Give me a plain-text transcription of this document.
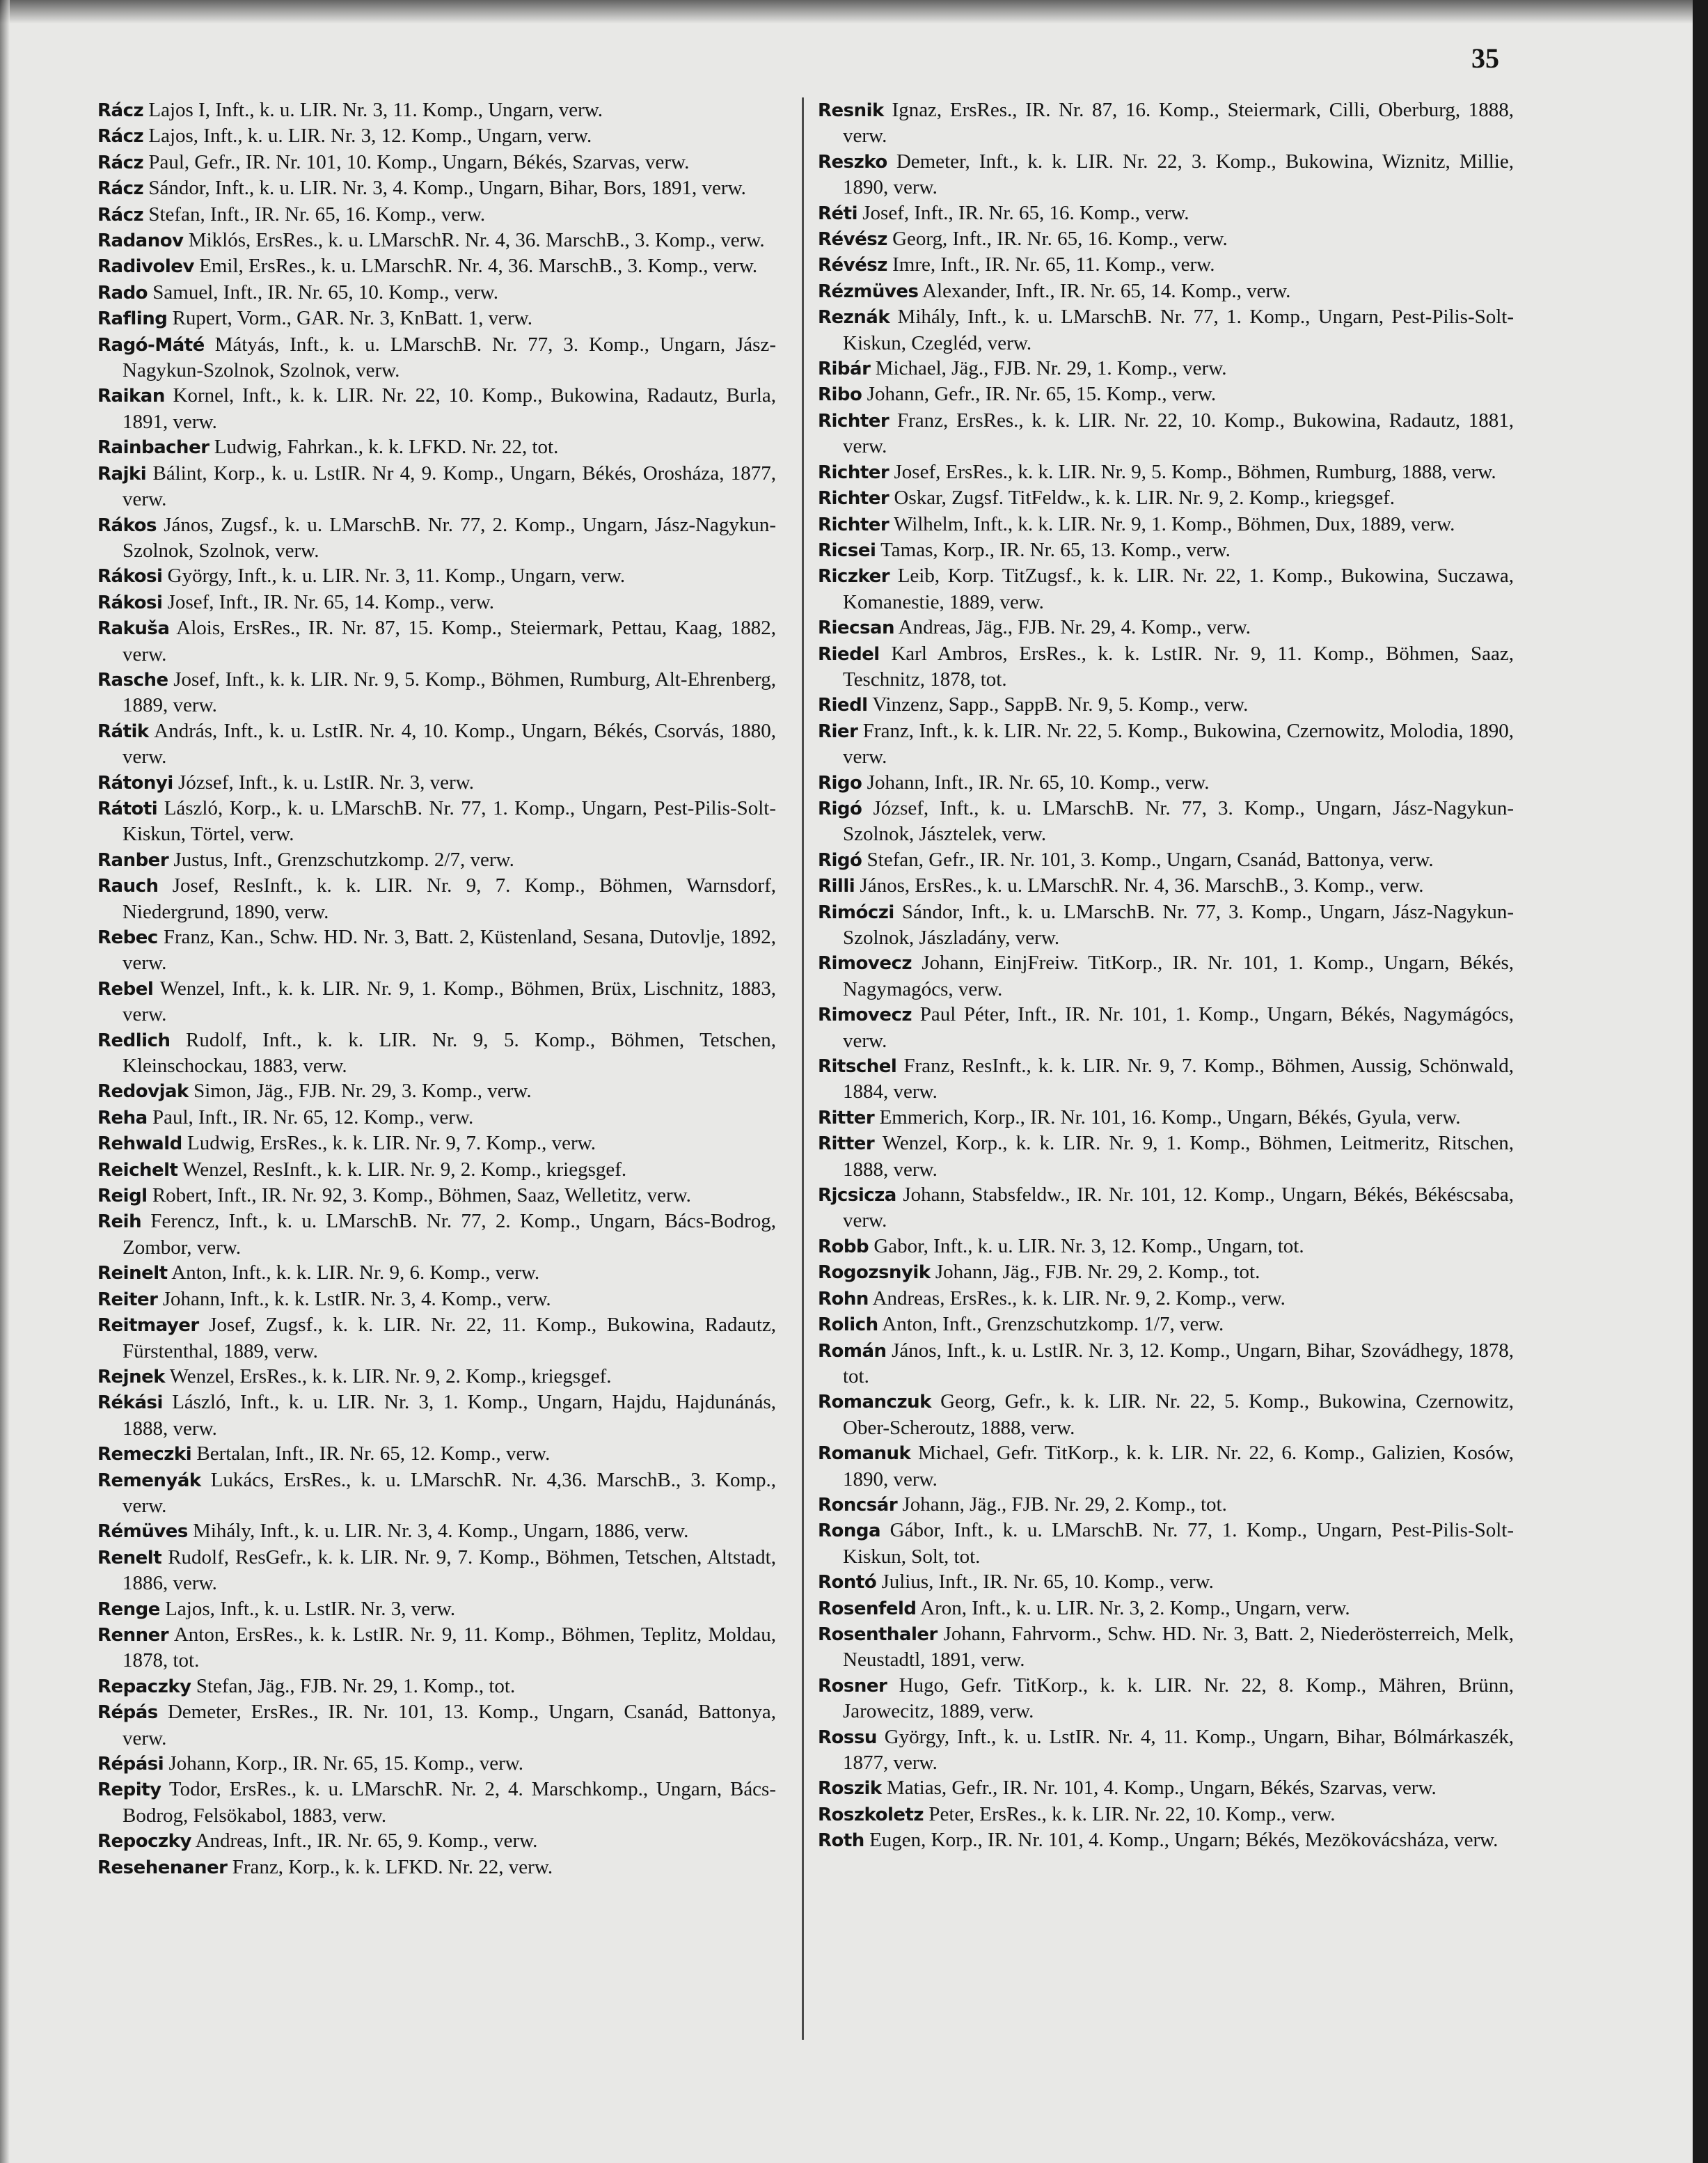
35

Rácz Lajos I, Inft., k. u. LIR. Nr. 3, 11. Komp., Ungarn, verw.

Rácz Lajos, Inft., k. u. LIR. Nr. 3, 12. Komp., Ungarn, verw.

Rácz Paul, Gefr., IR. Nr. 101, 10. Komp., Ungarn, Békés, Szarvas, verw.

Rácz Sándor, Inft., k. u. LIR. Nr. 3, 4. Komp., Ungarn, Bihar, Bors, 1891, verw.

Rácz Stefan, Inft., IR. Nr. 65, 16. Komp., verw.

Radanov Miklós, ErsRes., k. u. LMarschR. Nr. 4, 36. MarschB., 3. Komp., verw.

Radivolev Emil, ErsRes., k. u. LMarschR. Nr. 4, 36. MarschB., 3. Komp., verw.

Rado Samuel, Inft., IR. Nr. 65, 10. Komp., verw.

Rafling Rupert, Vorm., GAR. Nr. 3, KnBatt. 1, verw.

Ragó-Máté Mátyás, Inft., k. u. LMarschB. Nr. 77, 3. Komp., Ungarn, Jász-Nagykun-Szolnok, Szolnok, verw.

Raikan Kornel, Inft., k. k. LIR. Nr. 22, 10. Komp., Bukowina, Radautz, Burla, 1891, verw.

Rainbacher Ludwig, Fahrkan., k. k. LFKD. Nr. 22, tot.

Rajki Bálint, Korp., k. u. LstIR. Nr 4, 9. Komp., Ungarn, Békés, Orosháza, 1877, verw.

Rákos János, Zugsf., k. u. LMarschB. Nr. 77, 2. Komp., Ungarn, Jász-Nagykun-Szolnok, Szolnok, verw.

Rákosi György, Inft., k. u. LIR. Nr. 3, 11. Komp., Ungarn, verw.

Rákosi Josef, Inft., IR. Nr. 65, 14. Komp., verw.

Rakuša Alois, ErsRes., IR. Nr. 87, 15. Komp., Steiermark, Pettau, Kaag, 1882, verw.

Rasche Josef, Inft., k. k. LIR. Nr. 9, 5. Komp., Böhmen, Rumburg, Alt-Ehrenberg, 1889, verw.

Rátik András, Inft., k. u. LstIR. Nr. 4, 10. Komp., Ungarn, Békés, Csorvás, 1880, verw.

Rátonyi József, Inft., k. u. LstIR. Nr. 3, verw.

Rátoti László, Korp., k. u. LMarschB. Nr. 77, 1. Komp., Ungarn, Pest-Pilis-Solt-Kiskun, Törtel, verw.

Ranber Justus, Inft., Grenzschutzkomp. 2/7, verw.

Rauch Josef, ResInft., k. k. LIR. Nr. 9, 7. Komp., Böhmen, Warnsdorf, Niedergrund, 1890, verw.

Rebec Franz, Kan., Schw. HD. Nr. 3, Batt. 2, Küstenland, Sesana, Dutovlje, 1892, verw.

Rebel Wenzel, Inft., k. k. LIR. Nr. 9, 1. Komp., Böhmen, Brüx, Lischnitz, 1883, verw.

Redlich Rudolf, Inft., k. k. LIR. Nr. 9, 5. Komp., Böhmen, Tetschen, Kleinschockau, 1883, verw.

Redovjak Simon, Jäg., FJB. Nr. 29, 3. Komp., verw.

Reha Paul, Inft., IR. Nr. 65, 12. Komp., verw.

Rehwald Ludwig, ErsRes., k. k. LIR. Nr. 9, 7. Komp., verw.

Reichelt Wenzel, ResInft., k. k. LIR. Nr. 9, 2. Komp., kriegsgef.

Reigl Robert, Inft., IR. Nr. 92, 3. Komp., Böhmen, Saaz, Welletitz, verw.

Reih Ferencz, Inft., k. u. LMarschB. Nr. 77, 2. Komp., Ungarn, Bács-Bodrog, Zombor, verw.

Reinelt Anton, Inft., k. k. LIR. Nr. 9, 6. Komp., verw.

Reiter Johann, Inft., k. k. LstIR. Nr. 3, 4. Komp., verw.

Reitmayer Josef, Zugsf., k. k. LIR. Nr. 22, 11. Komp., Bukowina, Radautz, Fürstenthal, 1889, verw.

Rejnek Wenzel, ErsRes., k. k. LIR. Nr. 9, 2. Komp., kriegsgef.

Rékási László, Inft., k. u. LIR. Nr. 3, 1. Komp., Ungarn, Hajdu, Hajdunánás, 1888, verw.

Remeczki Bertalan, Inft., IR. Nr. 65, 12. Komp., verw.

Remenyák Lukács, ErsRes., k. u. LMarschR. Nr. 4,36. MarschB., 3. Komp., verw.

Rémüves Mihály, Inft., k. u. LIR. Nr. 3, 4. Komp., Ungarn, 1886, verw.

Renelt Rudolf, ResGefr., k. k. LIR. Nr. 9, 7. Komp., Böhmen, Tetschen, Altstadt, 1886, verw.

Renge Lajos, Inft., k. u. LstIR. Nr. 3, verw.

Renner Anton, ErsRes., k. k. LstIR. Nr. 9, 11. Komp., Böhmen, Teplitz, Moldau, 1878, tot.

Repaczky Stefan, Jäg., FJB. Nr. 29, 1. Komp., tot.

Répás Demeter, ErsRes., IR. Nr. 101, 13. Komp., Ungarn, Csanád, Battonya, verw.

Répási Johann, Korp., IR. Nr. 65, 15. Komp., verw.

Repity Todor, ErsRes., k. u. LMarschR. Nr. 2, 4. Marschkomp., Ungarn, Bács-Bodrog, Felsökabol, 1883, verw.

Repoczky Andreas, Inft., IR. Nr. 65, 9. Komp., verw.

Resehenaner Franz, Korp., k. k. LFKD. Nr. 22, verw.

Resnik Ignaz, ErsRes., IR. Nr. 87, 16. Komp., Steiermark, Cilli, Oberburg, 1888, verw.

Reszko Demeter, Inft., k. k. LIR. Nr. 22, 3. Komp., Bukowina, Wiznitz, Millie, 1890, verw.

Réti Josef, Inft., IR. Nr. 65, 16. Komp., verw.

Révész Georg, Inft., IR. Nr. 65, 16. Komp., verw.

Révész Imre, Inft., IR. Nr. 65, 11. Komp., verw.

Rézmüves Alexander, Inft., IR. Nr. 65, 14. Komp., verw.

Reznák Mihály, Inft., k. u. LMarschB. Nr. 77, 1. Komp., Ungarn, Pest-Pilis-Solt-Kiskun, Czegléd, verw.

Ribár Michael, Jäg., FJB. Nr. 29, 1. Komp., verw.

Ribo Johann, Gefr., IR. Nr. 65, 15. Komp., verw.

Richter Franz, ErsRes., k. k. LIR. Nr. 22, 10. Komp., Bukowina, Radautz, 1881, verw.

Richter Josef, ErsRes., k. k. LIR. Nr. 9, 5. Komp., Böhmen, Rumburg, 1888, verw.

Richter Oskar, Zugsf. TitFeldw., k. k. LIR. Nr. 9, 2. Komp., kriegsgef.

Richter Wilhelm, Inft., k. k. LIR. Nr. 9, 1. Komp., Böhmen, Dux, 1889, verw.

Ricsei Tamas, Korp., IR. Nr. 65, 13. Komp., verw.

Riczker Leib, Korp. TitZugsf., k. k. LIR. Nr. 22, 1. Komp., Bukowina, Suczawa, Komanestie, 1889, verw.

Riecsan Andreas, Jäg., FJB. Nr. 29, 4. Komp., verw.

Riedel Karl Ambros, ErsRes., k. k. LstIR. Nr. 9, 11. Komp., Böhmen, Saaz, Teschnitz, 1878, tot.

Riedl Vinzenz, Sapp., SappB. Nr. 9, 5. Komp., verw.

Rier Franz, Inft., k. k. LIR. Nr. 22, 5. Komp., Bukowina, Czernowitz, Molodia, 1890, verw.

Rigo Johann, Inft., IR. Nr. 65, 10. Komp., verw.

Rigó József, Inft., k. u. LMarschB. Nr. 77, 3. Komp., Ungarn, Jász-Nagykun-Szolnok, Jásztelek, verw.

Rigó Stefan, Gefr., IR. Nr. 101, 3. Komp., Ungarn, Csanád, Battonya, verw.

Rilli János, ErsRes., k. u. LMarschR. Nr. 4, 36. MarschB., 3. Komp., verw.

Rimóczi Sándor, Inft., k. u. LMarschB. Nr. 77, 3. Komp., Ungarn, Jász-Nagykun-Szolnok, Jászladány, verw.

Rimovecz Johann, EinjFreiw. TitKorp., IR. Nr. 101, 1. Komp., Ungarn, Békés, Nagymagócs, verw.

Rimovecz Paul Péter, Inft., IR. Nr. 101, 1. Komp., Ungarn, Békés, Nagymágócs, verw.

Ritschel Franz, ResInft., k. k. LIR. Nr. 9, 7. Komp., Böhmen, Aussig, Schönwald, 1884, verw.

Ritter Emmerich, Korp., IR. Nr. 101, 16. Komp., Ungarn, Békés, Gyula, verw.

Ritter Wenzel, Korp., k. k. LIR. Nr. 9, 1. Komp., Böhmen, Leitmeritz, Ritschen, 1888, verw.

Rjcsicza Johann, Stabsfeldw., IR. Nr. 101, 12. Komp., Ungarn, Békés, Békéscsaba, verw.

Robb Gabor, Inft., k. u. LIR. Nr. 3, 12. Komp., Ungarn, tot.

Rogozsnyik Johann, Jäg., FJB. Nr. 29, 2. Komp., tot.

Rohn Andreas, ErsRes., k. k. LIR. Nr. 9, 2. Komp., verw.

Rolich Anton, Inft., Grenzschutzkomp. 1/7, verw.

Román János, Inft., k. u. LstIR. Nr. 3, 12. Komp., Ungarn, Bihar, Szovádhegy, 1878, tot.

Romanczuk Georg, Gefr., k. k. LIR. Nr. 22, 5. Komp., Bukowina, Czernowitz, Ober-Scheroutz, 1888, verw.

Romanuk Michael, Gefr. TitKorp., k. k. LIR. Nr. 22, 6. Komp., Galizien, Kosów, 1890, verw.

Roncsár Johann, Jäg., FJB. Nr. 29, 2. Komp., tot.

Ronga Gábor, Inft., k. u. LMarschB. Nr. 77, 1. Komp., Ungarn, Pest-Pilis-Solt-Kiskun, Solt, tot.

Rontó Julius, Inft., IR. Nr. 65, 10. Komp., verw.

Rosenfeld Aron, Inft., k. u. LIR. Nr. 3, 2. Komp., Ungarn, verw.

Rosenthaler Johann, Fahrvorm., Schw. HD. Nr. 3, Batt. 2, Niederösterreich, Melk, Neustadtl, 1891, verw.

Rosner Hugo, Gefr. TitKorp., k. k. LIR. Nr. 22, 8. Komp., Mähren, Brünn, Jarowecitz, 1889, verw.

Rossu György, Inft., k. u. LstIR. Nr. 4, 11. Komp., Ungarn, Bihar, Bólmárkaszék, 1877, verw.

Roszik Matias, Gefr., IR. Nr. 101, 4. Komp., Ungarn, Békés, Szarvas, verw.

Roszkoletz Peter, ErsRes., k. k. LIR. Nr. 22, 10. Komp., verw.

Roth Eugen, Korp., IR. Nr. 101, 4. Komp., Ungarn; Békés, Mezökovácsháza, verw.
